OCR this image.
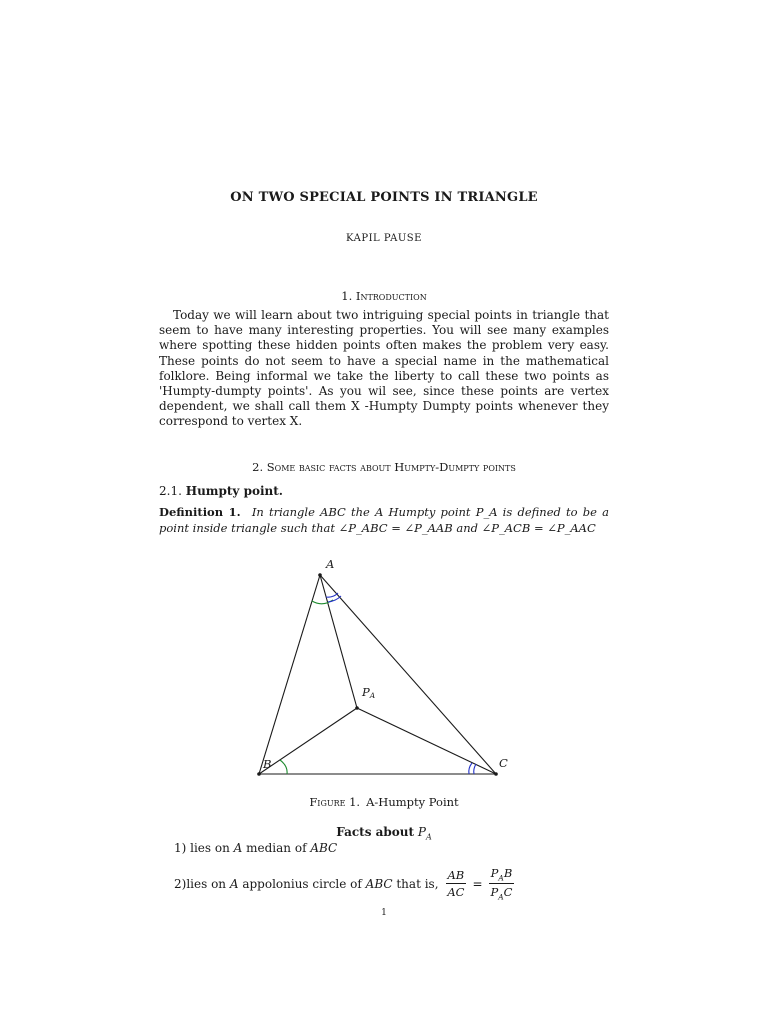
ON TWO SPECIAL POINTS IN TRIANGLE
KAPIL PAUSE
1. Introduction

Today we will learn about two intriguing special points in triangle that seem to have many interesting properties. You will see many examples where spotting these hidden points often makes the problem very easy. These points do not seem to have a special name in the mathematical folklore. Being informal we take the liberty to call these two points as 'Humpty-dumpty points'. As you wil see, since these points are vertex dependent, we shall call them X -Humpty Dumpty points whenever they correspond to vertex X.

2. Some basic facts about Humpty-Dumpty points
2.1. Humpty point.

Definition 1. In triangle ABC the A Humpty point P_A is defined to be a point inside triangle such that ∠P_ABC = ∠P_AAB and ∠P_ACB = ∠P_AAC

A
B	C
PA
Figure 1. A-Humpty Point
Facts about $P_A$
1) lies on A median of ABC
2)lies on A appolonius circle of ABC that is, $\frac{AB}{AC} = \frac{P_AB}{P_AC}$
1
